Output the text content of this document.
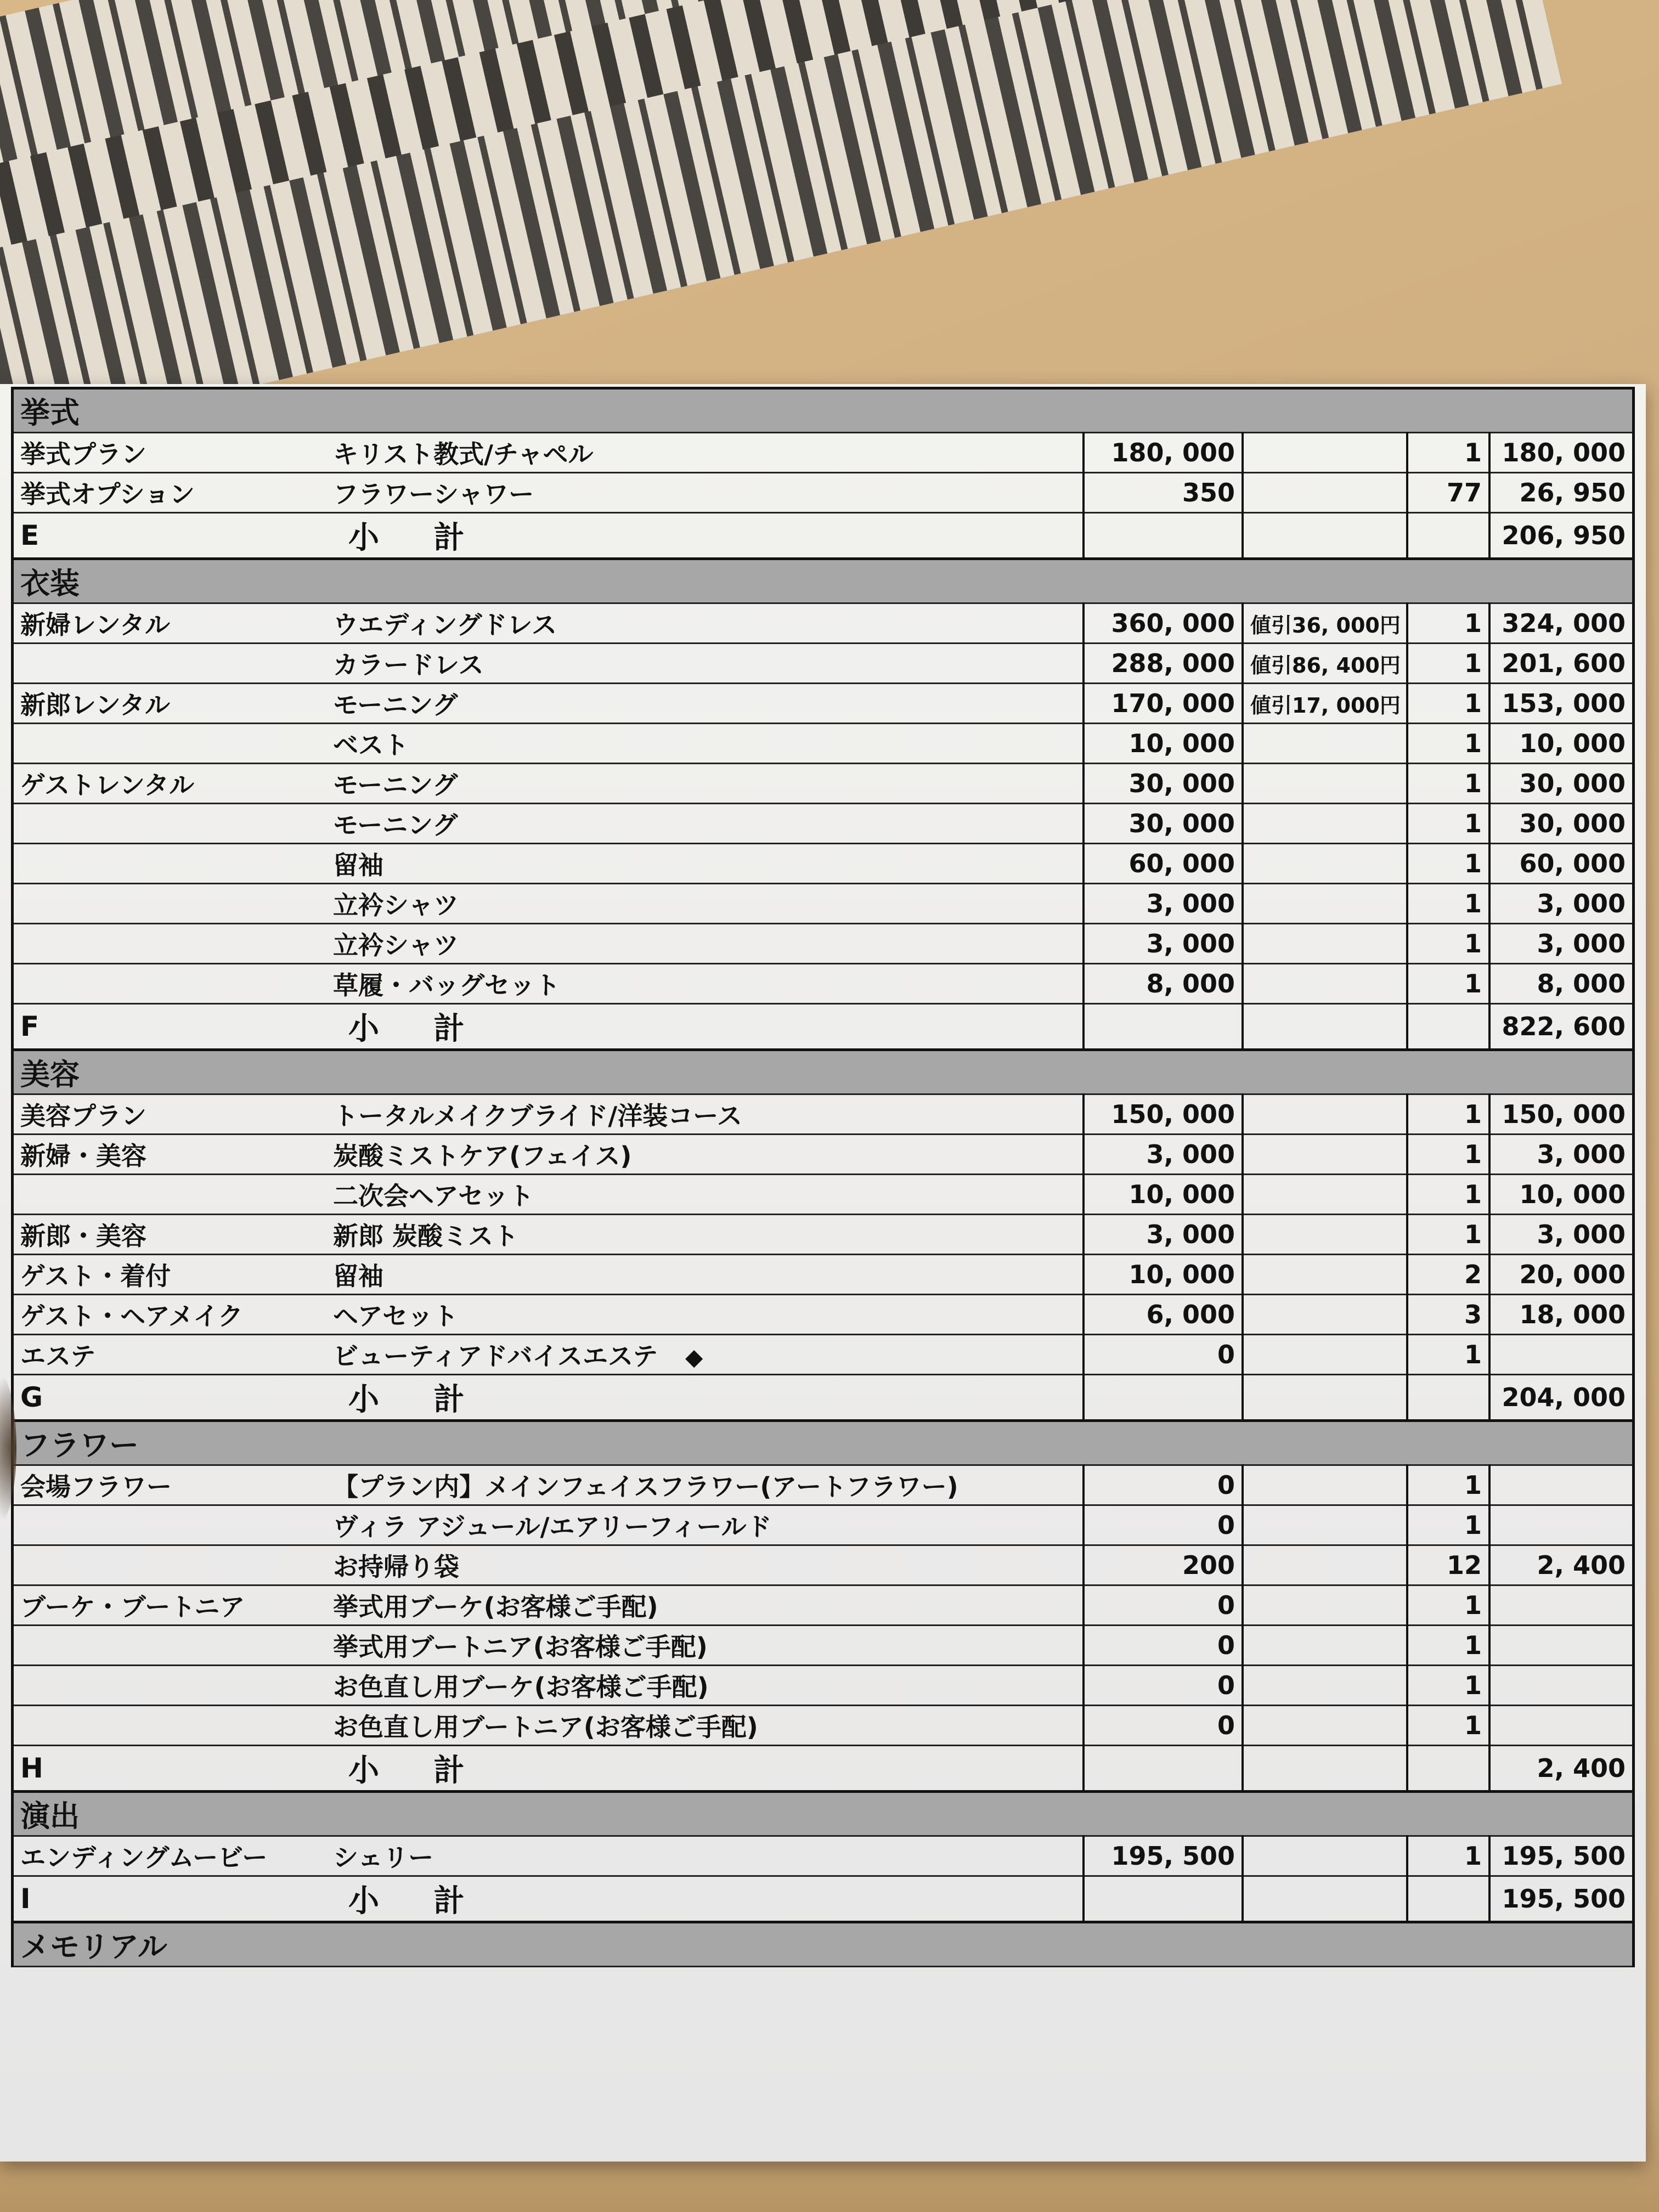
挙式					
挙式プラン	キリスト教式/チャペル	180, 000		1	180, 000
挙式オプション	フラワーシャワー	350		77	26, 950
E	小 計				206, 950
衣装					
新婦レンタル	ウエディングドレス	360, 000	値引36, 000円	1	324, 000
	カラードレス	288, 000	値引86, 400円	1	201, 600
新郎レンタル	モーニング	170, 000	値引17, 000円	1	153, 000
	ベスト	10, 000		1	10, 000
ゲストレンタル	モーニング	30, 000		1	30, 000
	モーニング	30, 000		1	30, 000
	留袖	60, 000		1	60, 000
	立衿シャツ	3, 000		1	3, 000
	立衿シャツ	3, 000		1	3, 000
	草履・バッグセット	8, 000		1	8, 000
F	小 計				822, 600
美容					
美容プラン	トータルメイクブライド/洋装コース	150, 000		1	150, 000
新婦・美容	炭酸ミストケア(フェイス)	3, 000		1	3, 000
	二次会ヘアセット	10, 000		1	10, 000
新郎・美容	新郎 炭酸ミスト	3, 000		1	3, 000
ゲスト・着付	留袖	10, 000		2	20, 000
ゲスト・ヘアメイク	ヘアセット	6, 000		3	18, 000
エステ	ビューティアドバイスエステ ◆	0		1	
G	小 計				204, 000
フラワー					
会場フラワー	【プラン内】メインフェイスフラワー(アートフラワー)	0		1	
	ヴィラ アジュール/エアリーフィールド	0		1	
	お持帰り袋	200		12	2, 400
ブーケ・ブートニア	挙式用ブーケ(お客様ご手配)	0		1	
	挙式用ブートニア(お客様ご手配)	0		1	
	お色直し用ブーケ(お客様ご手配)	0		1	
	お色直し用ブートニア(お客様ご手配)	0		1	
H	小 計				2, 400
演出					
エンディングムービー	シェリー	195, 500		1	195, 500
I	小 計				195, 500
メモリアル					
